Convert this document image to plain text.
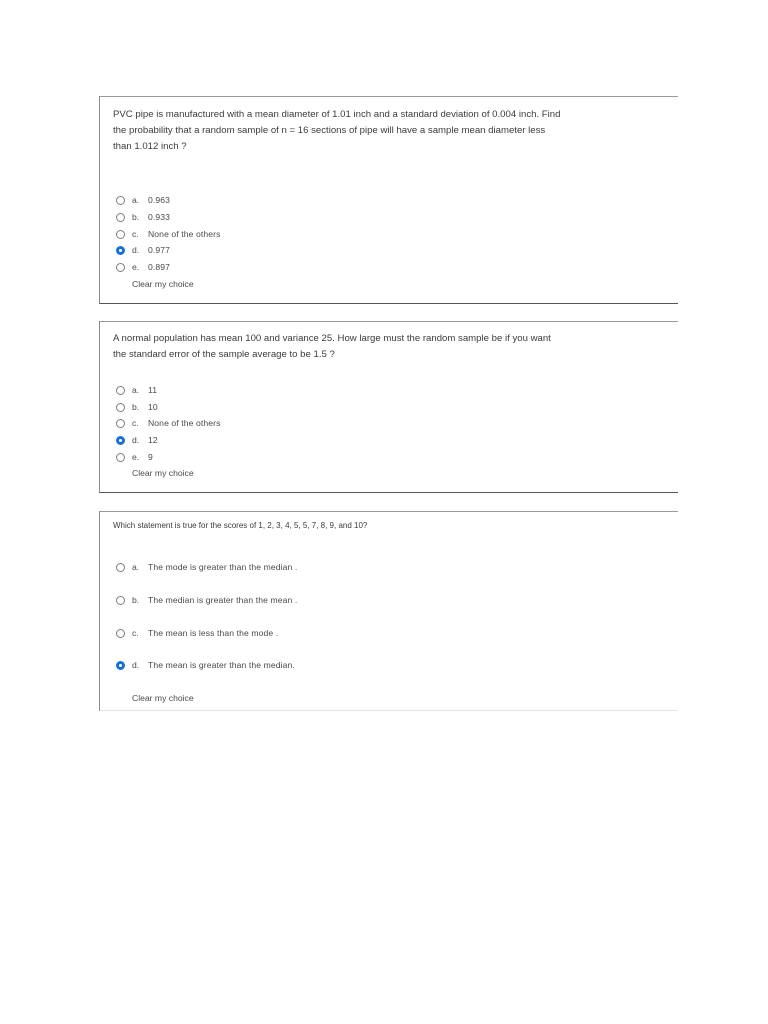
PVC pipe is manufactured with a mean diameter of 1.01 inch and a standard deviation of 0.004 inch. Find the probability that a random sample of n = 16 sections of pipe will have a sample mean diameter less than 1.012 inch ?

a.	0.963
b.	0.933
c.	None of the others
d.	0.977
e.	0.897
Clear my choice

A normal population has mean 100 and variance 25. How large must the random sample be if you want the standard error of the sample average to be 1.5 ?

a.	11
b.	10
c.	None of the others
d.	12
e.	9
Clear my choice

Which statement is true for the scores of 1, 2, 3, 4, 5, 5, 7, 8, 9, and 10?

a.	The mode is greater than the median .
b.	The median is greater than the mean .
c.	The mean is less than the mode .
d.	The mean is greater than the median.
Clear my choice
